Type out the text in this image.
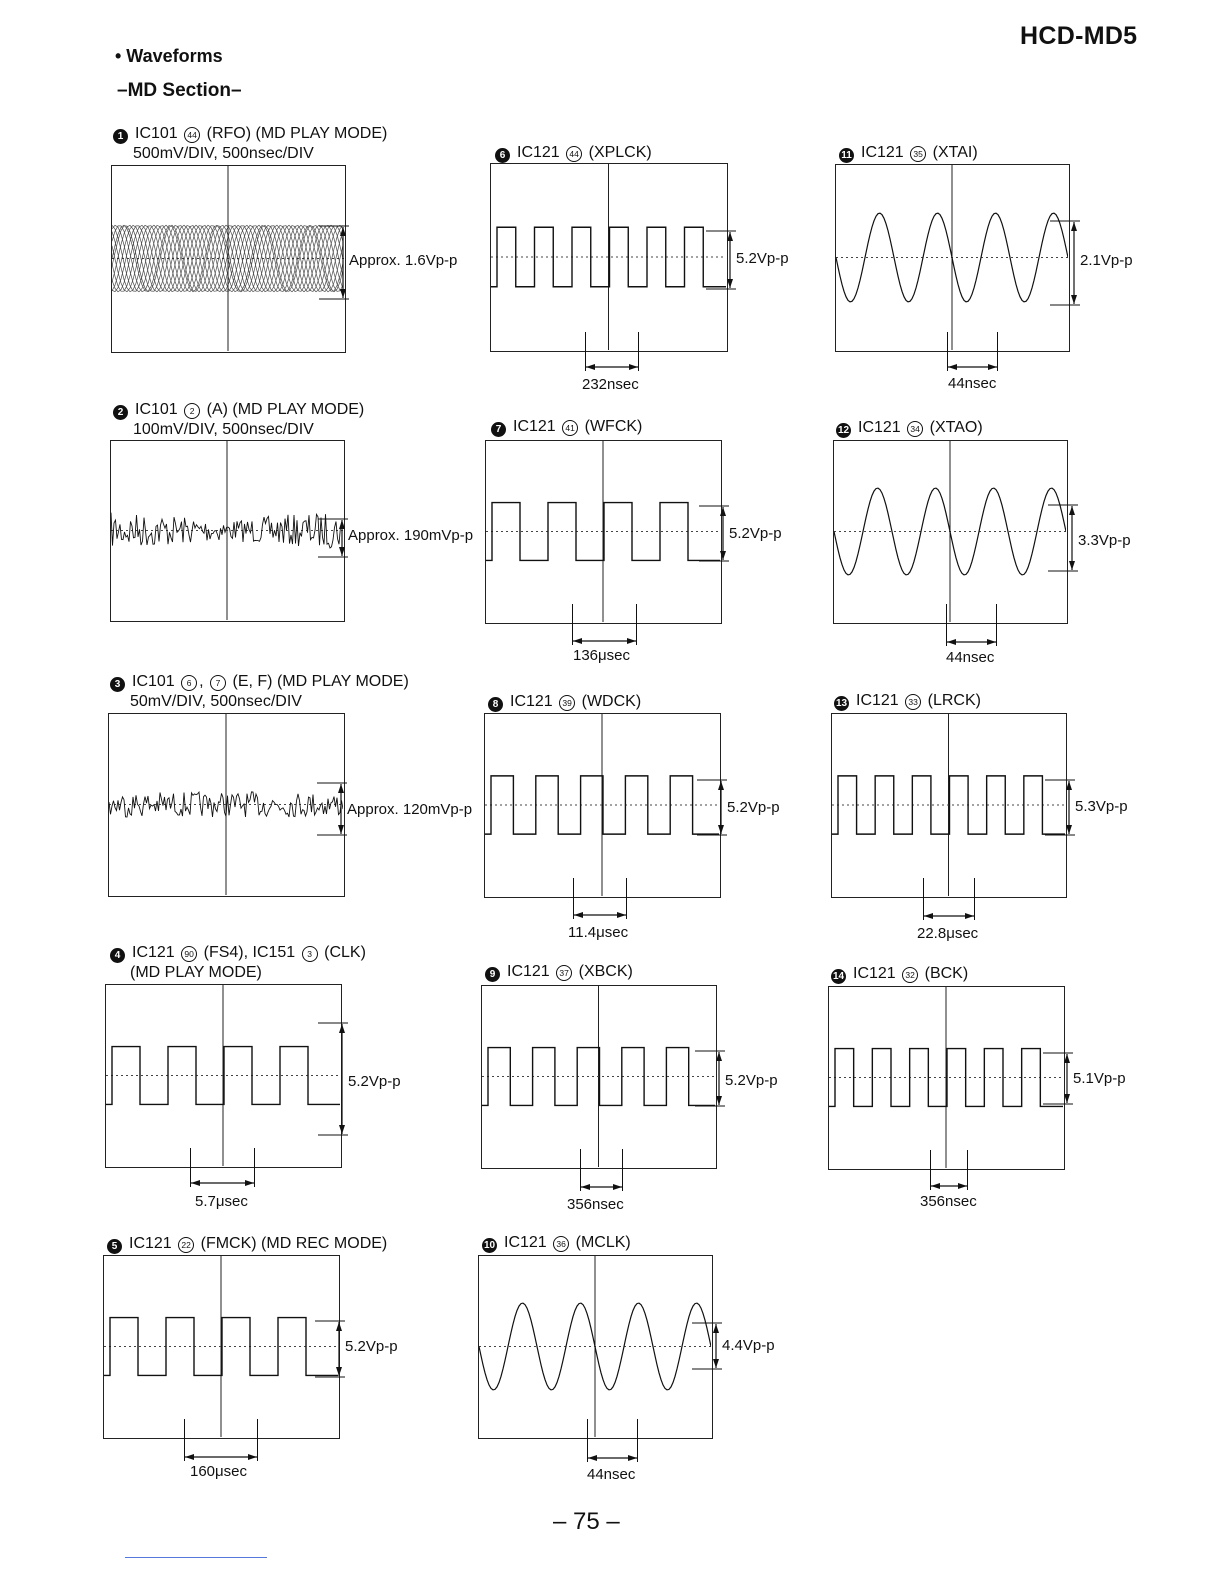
HCD-MD5
• Waveforms
–MD Section–
1 IC101 44 (RFO) (MD PLAY MODE)
500mV/DIV, 500nsec/DIV
Approx. 1.6Vp-p
2 IC101 2 (A) (MD PLAY MODE)
100mV/DIV, 500nsec/DIV
Approx. 190mVp-p
3 IC101 6 , 7 (E, F) (MD PLAY MODE)
50mV/DIV, 500nsec/DIV
Approx. 120mVp-p
4 IC121 90 (FS4), IC151 3 (CLK)
(MD PLAY MODE)
5.2Vp-p
5.7μsec
5 IC121 22 (FMCK) (MD REC MODE)
5.2Vp-p
160μsec
6 IC121 44 (XPLCK)
5.2Vp-p
232nsec
7 IC121 41 (WFCK)
5.2Vp-p
136μsec
8 IC121 39 (WDCK)
5.2Vp-p
11.4μsec
9 IC121 37 (XBCK)
5.2Vp-p
356nsec
10 IC121 36 (MCLK)
4.4Vp-p
44nsec
11 IC121 35 (XTAI)
2.1Vp-p
44nsec
12 IC121 34 (XTAO)
3.3Vp-p
44nsec
13 IC121 33 (LRCK)
5.3Vp-p
22.8μsec
14 IC121 32 (BCK)
5.1Vp-p
356nsec
– 75 –
